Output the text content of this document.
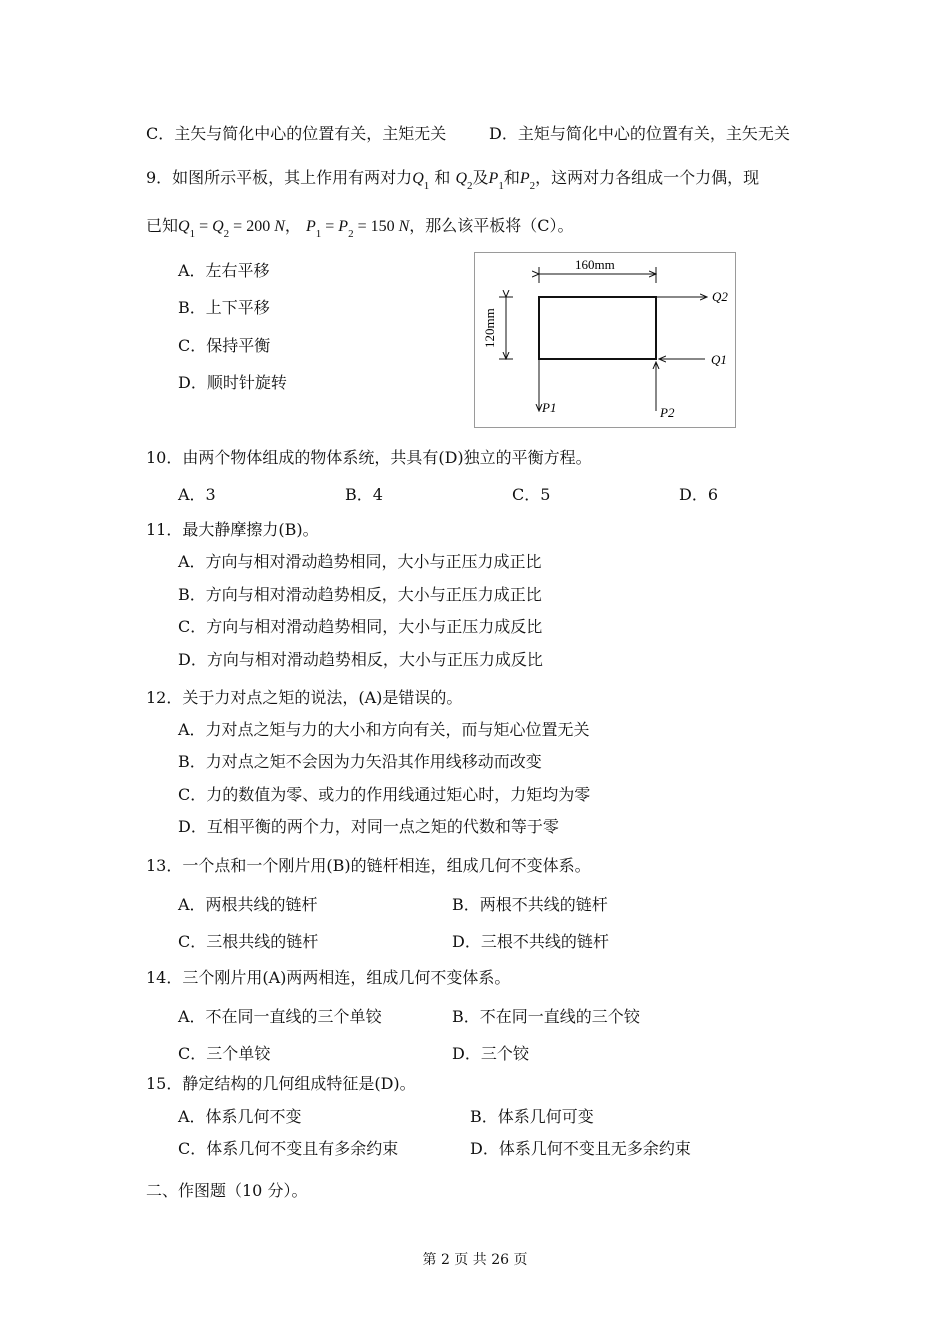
C．主矢与简化中心的位置有关，主矩无关	D．主矩与简化中心的位置有关，主矢无关
9．如图所示平板，其上作用有两对力$Q_1$ 和 $Q_2$及$P_1$和$P_2$，这两对力各组成一个力偶，现
已知$Q_1 = Q_2 = 200$ N， $P_1 = P_2 = 150$ N，那么该平板将（C）。
A．左右平移
B．上下平移
C．保持平衡
D．顺时针旋转
160mm
120mm
Q2
Q1
P1	P2
10．由两个物体组成的物体系统，共具有(D)独立的平衡方程。
A．3	B．4	C．5	D．6
11．最大静摩擦力(B)。
A．方向与相对滑动趋势相同，大小与正压力成正比
B．方向与相对滑动趋势相反，大小与正压力成正比
C．方向与相对滑动趋势相同，大小与正压力成反比
D．方向与相对滑动趋势相反，大小与正压力成反比
12．关于力对点之矩的说法，(A)是错误的。
A．力对点之矩与力的大小和方向有关，而与矩心位置无关
B．力对点之矩不会因为力矢沿其作用线移动而改变
C．力的数值为零、或力的作用线通过矩心时，力矩均为零
D．互相平衡的两个力，对同一点之矩的代数和等于零
13．一个点和一个刚片用(B)的链杆相连，组成几何不变体系。
A．两根共线的链杆	B．两根不共线的链杆
C．三根共线的链杆	D．三根不共线的链杆
14．三个刚片用(A)两两相连，组成几何不变体系。
A．不在同一直线的三个单铰	B．不在同一直线的三个铰
C．三个单铰	D．三个铰
15．静定结构的几何组成特征是(D)。
A．体系几何不变	B．体系几何可变
C．体系几何不变且有多余约束	D．体系几何不变且无多余约束
二、作图题（10 分）。
第 2 页 共 26 页
